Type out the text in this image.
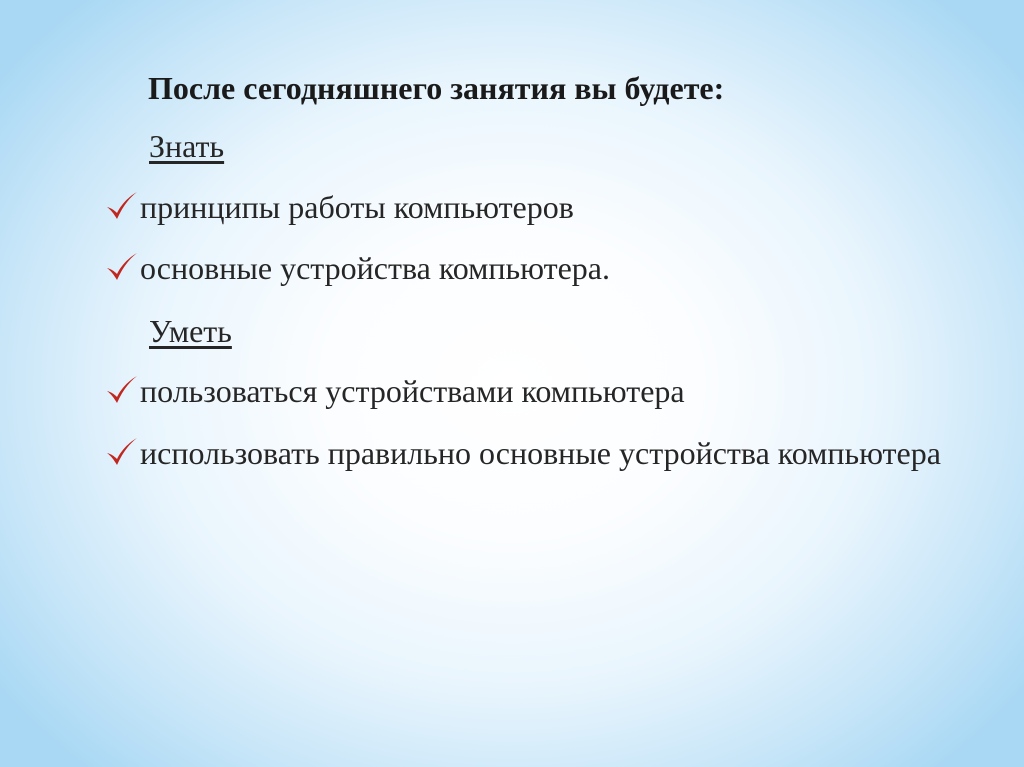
После сегодняшнего занятия вы будете:
Знать
принципы работы компьютеров
основные устройства компьютера.
Уметь
пользоваться устройствами компьютера
использовать правильно основные устройства компьютера
